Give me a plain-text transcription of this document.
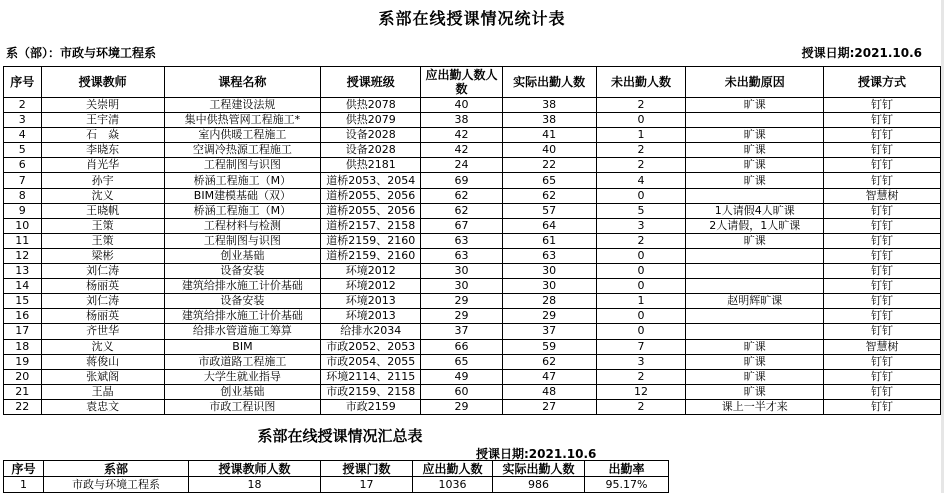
系部在线授课情况统计表
系（部）：市政与环境工程系	授课日期:2021.10.6
序号	授课教师	课程名称	授课班级	应出勤人数人数	实际出勤人数	未出勤人数	未出勤原因	授课方式
2	关崇明	工程建设法规	供热2078	40	38	2	旷课	钉钉
3	王宇清	集中供热管网工程施工*	供热2079	38	38	0		钉钉
4	石　焱	室内供暖工程施工	设备2028	42	41	1	旷课	钉钉
5	李晓东	空调冷热源工程施工	设备2028	42	40	2	旷课	钉钉
6	肖光华	工程制图与识图	供热2181	24	22	2	旷课	钉钉
7	孙宇	桥涵工程施工（M）	道桥2053、2054	69	65	4	旷课	钉钉
8	沈义	BIM建模基础（双）	道桥2055、2056	62	62	0		智慧树
9	王晓帆	桥涵工程施工（M）	道桥2055、2056	62	57	5	1人请假4人旷课	钉钉
10	王策	工程材料与检测	道桥2157、2158	67	64	3	2人请假，1人旷课	钉钉
11	王策	工程制图与识图	道桥2159、2160	63	61	2	旷课	钉钉
12	梁彬	创业基础	道桥2159、2160	63	63	0		钉钉
13	刘仁涛	设备安装	环境2012	30	30	0		钉钉
14	杨丽英	建筑给排水施工计价基础	环境2012	30	30	0		钉钉
15	刘仁涛	设备安装	环境2013	29	28	1	赵明辉旷课	钉钉
16	杨丽英	建筑给排水施工计价基础	环境2013	29	29	0		钉钉
17	齐世华	给排水管道施工筹算	给排水2034	37	37	0		钉钉
18	沈义	BIM	市政2052、2053	66	59	7	旷课	智慧树
19	蒋俊山	市政道路工程施工	市政2054、2055	65	62	3	旷课	钉钉
20	张斌阁	大学生就业指导	环境2114、2115	49	47	2	旷课	钉钉
21	王晶	创业基础	市政2159、2158	60	48	12	旷课	钉钉
22	袁忠文	市政工程识图	市政2159	29	27	2	课上一半才来	钉钉
系部在线授课情况汇总表
授课日期:2021.10.6
序号	系部	授课教师人数	授课门数	应出勤人数	实际出勤人数	出勤率
1	市政与环境工程系	18	17	1036	986	95.17%
